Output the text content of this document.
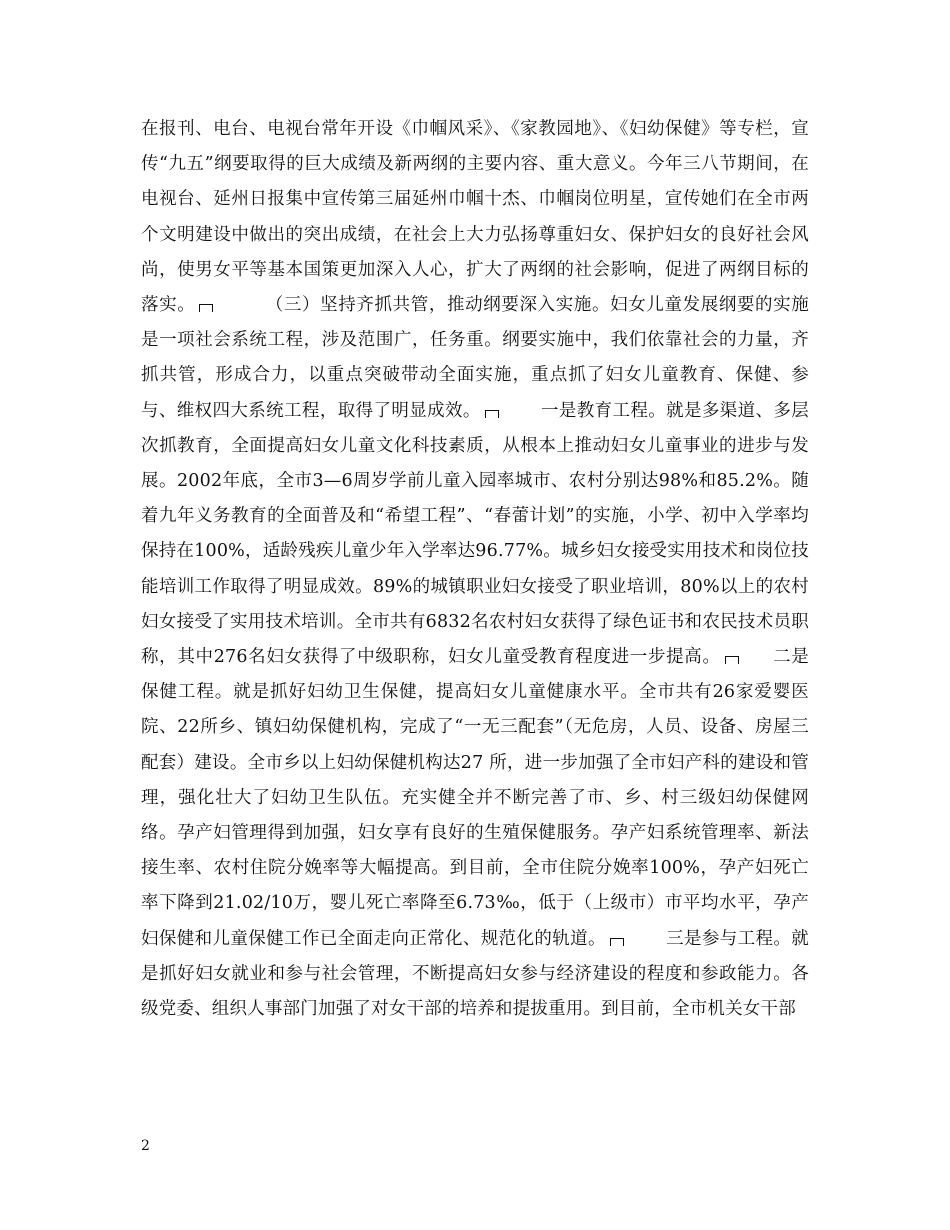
在报刊、电台、电视台常年开设《巾帼风采》、《家教园地》、《妇幼保健》等专栏，宣传“九五”纲要取得的巨大成绩及新两纲的主要内容、重大意义。今年三八节期间，在电视台、延州日报集中宣传第三届延州巾帼十杰、巾帼岗位明星，宣传她们在全市两个文明建设中做出的突出成绩，在社会上大力弘扬尊重妇女、保护妇女的良好社会风尚，使男女平等基本国策更加深入人心，扩大了两纲的社会影响，促进了两纲目标的落实。	（三）坚持齐抓共管，推动纲要深入实施。妇女儿童发展纲要的实施是一项社会系统工程，涉及范围广，任务重。纲要实施中，我们依靠社会的力量，齐抓共管，形成合力，以重点突破带动全面实施，重点抓了妇女儿童教育、保健、参与、维权四大系统工程，取得了明显成效。	一是教育工程。就是多渠道、多层次抓教育，全面提高妇女儿童文化科技素质，从根本上推动妇女儿童事业的进步与发展。2002年底，全市3—6周岁学前儿童入园率城市、农村分别达98%和85.2%。随着九年义务教育的全面普及和“希望工程”、“春蕾计划”的实施，小学、初中入学率均保持在100%，适龄残疾儿童少年入学率达96.77%。城乡妇女接受实用技术和岗位技能培训工作取得了明显成效。89%的城镇职业妇女接受了职业培训，80%以上的农村妇女接受了实用技术培训。全市共有6832名农村妇女获得了绿色证书和农民技术员职称，其中276名妇女获得了中级职称，妇女儿童受教育程度进一步提高。	二是保健工程。就是抓好妇幼卫生保健，提高妇女儿童健康水平。全市共有26家爱婴医院、22所乡、镇妇幼保健机构，完成了“一无三配套”（无危房，人员、设备、房屋三配套）建设。全市乡以上妇幼保健机构达27 所，进一步加强了全市妇产科的建设和管理，强化壮大了妇幼卫生队伍。充实健全并不断完善了市、乡、村三级妇幼保健网络。孕产妇管理得到加强，妇女享有良好的生殖保健服务。孕产妇系统管理率、新法接生率、农村住院分娩率等大幅提高。到目前，全市住院分娩率100%，孕产妇死亡率下降到21.02/10万，婴儿死亡率降至6.73‰，低于（上级市）市平均水平，孕产妇保健和儿童保健工作已全面走向正常化、规范化的轨道。	三是参与工程。就是抓好妇女就业和参与社会管理，不断提高妇女参与经济建设的程度和参政能力。各级党委、组织人事部门加强了对女干部的培养和提拔重用。到目前，全市机关女干部

2
